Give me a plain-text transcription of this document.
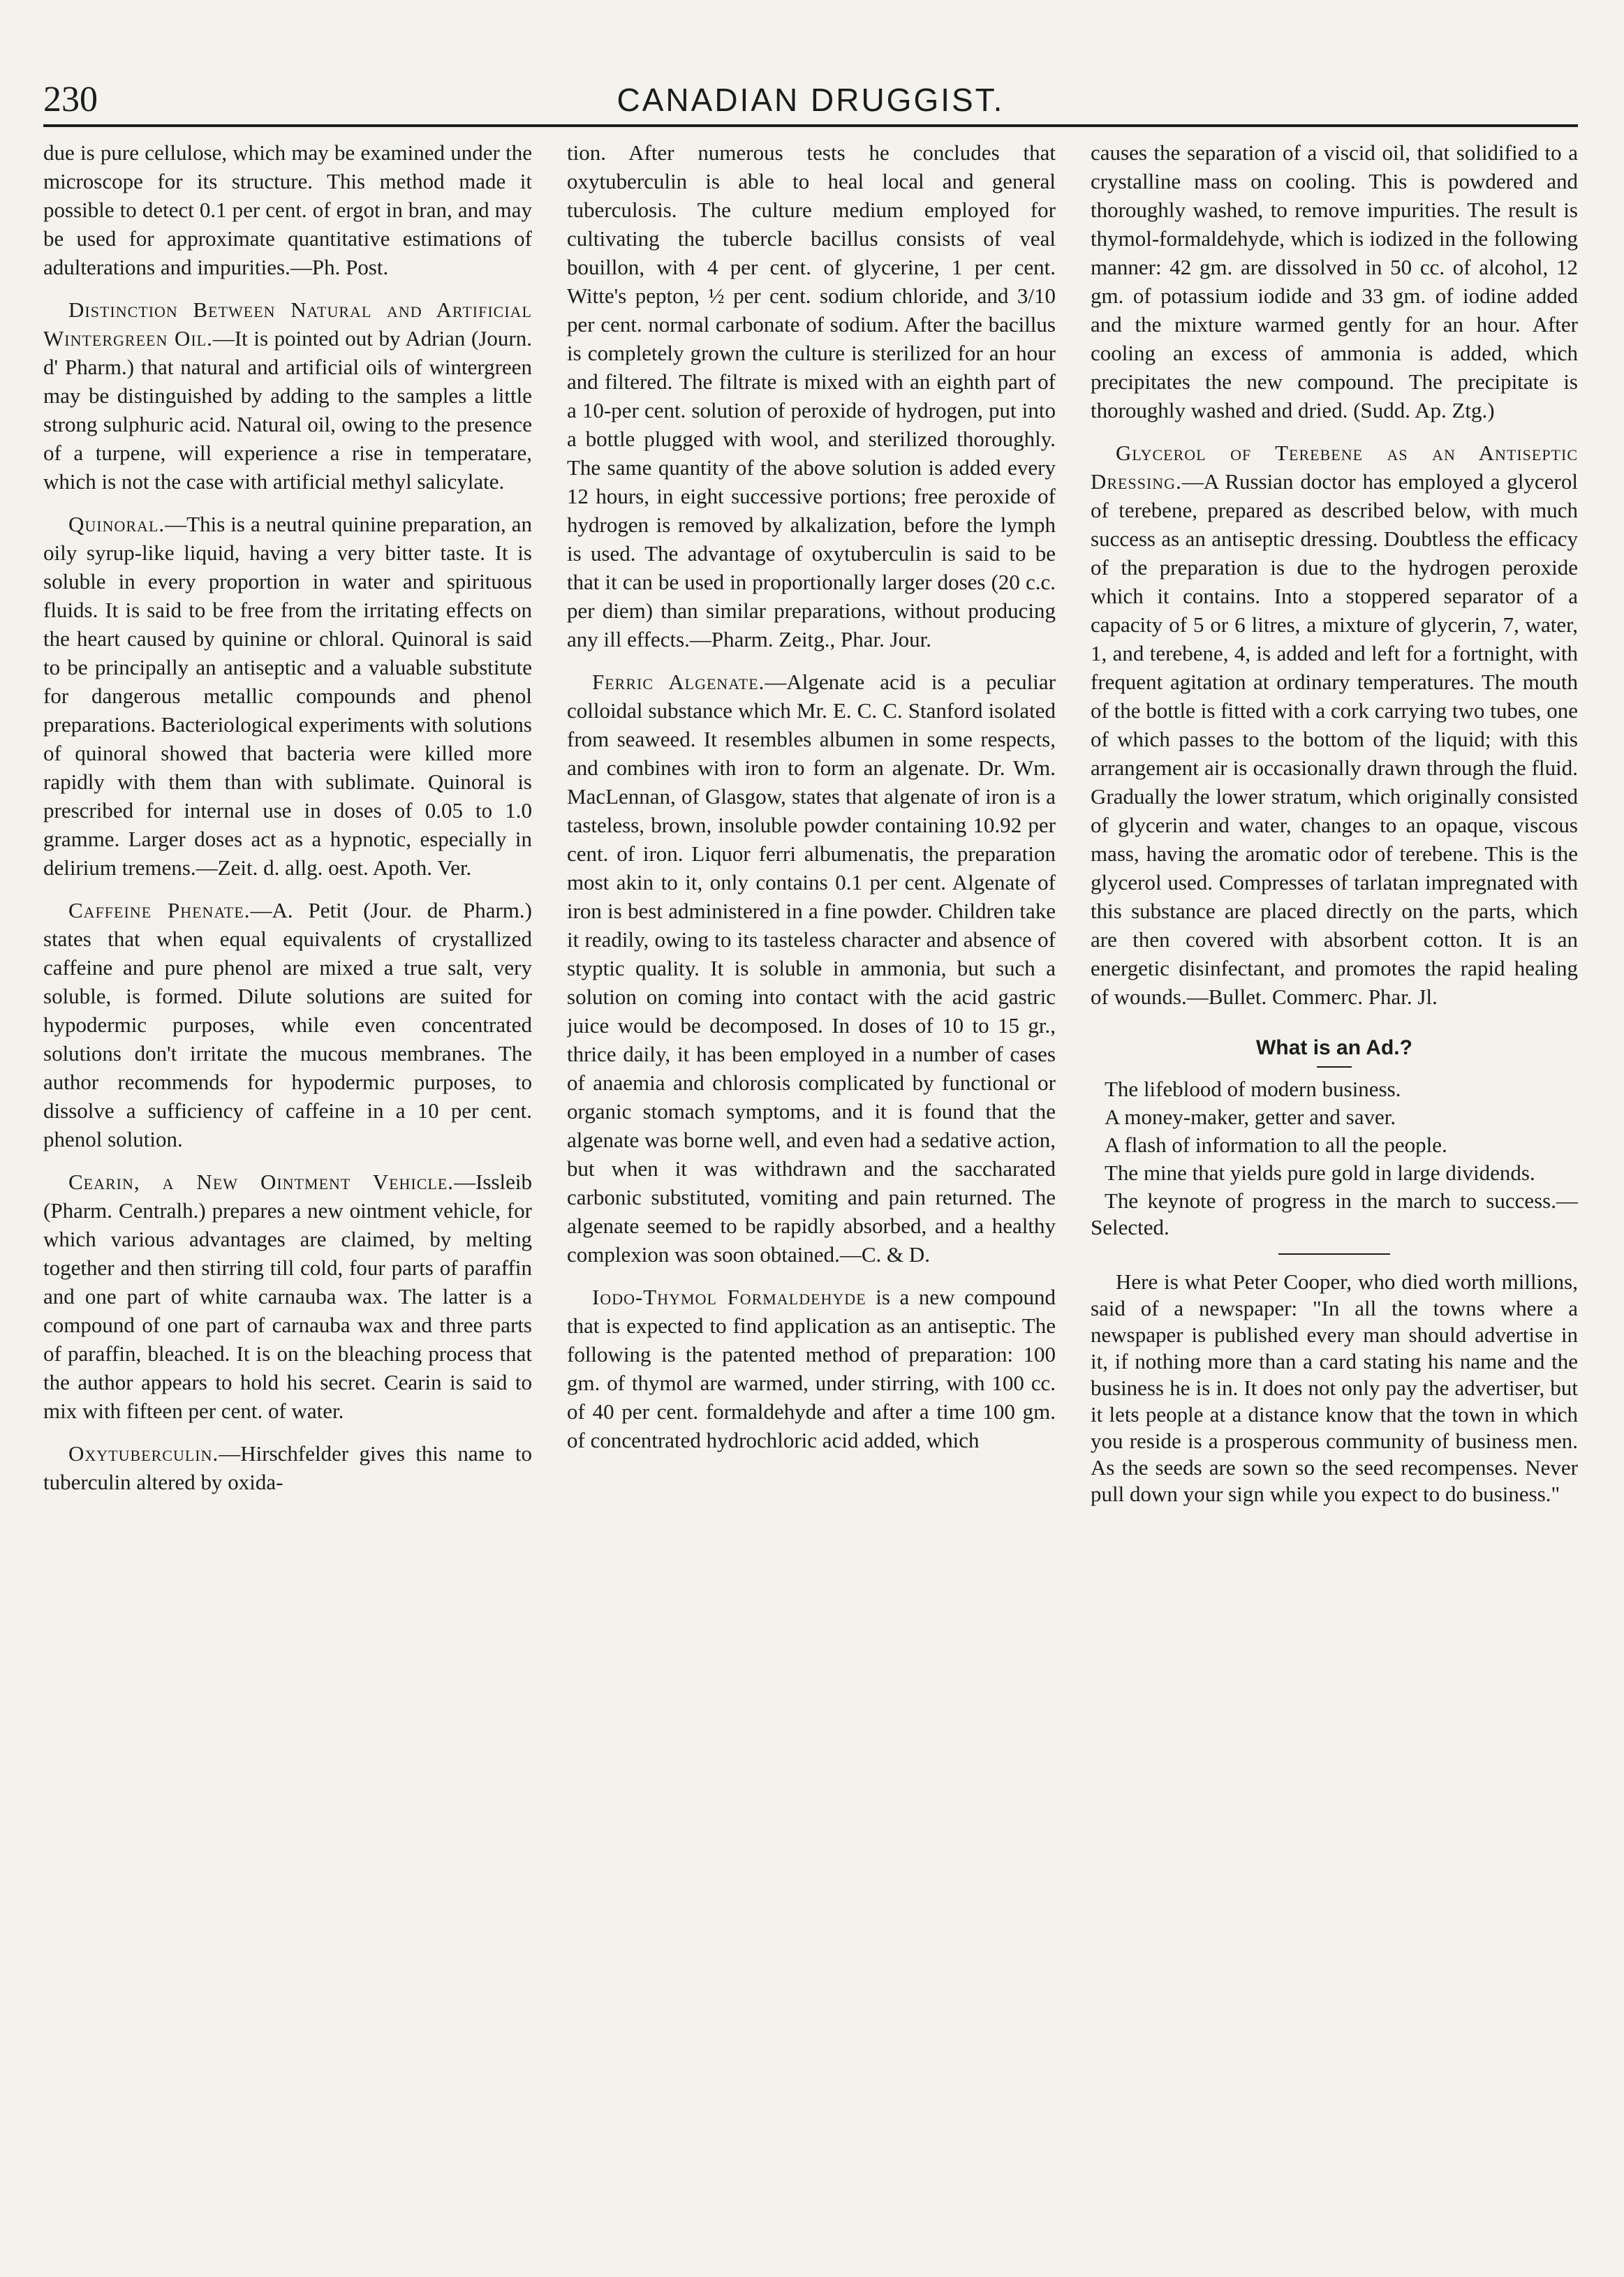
230	CANADIAN DRUGGIST.

due is pure cellulose, which may be examined under the microscope for its structure. This method made it possible to detect 0.1 per cent. of ergot in bran, and may be used for approximate quantitative estimations of adulterations and impurities.—Ph. Post.

Distinction Between Natural and Artificial Wintergreen Oil.—It is pointed out by Adrian (Journ. d' Pharm.) that natural and artificial oils of wintergreen may be distinguished by adding to the samples a little strong sulphuric acid. Natural oil, owing to the presence of a turpene, will experience a rise in temperatare, which is not the case with artificial methyl salicylate.

Quinoral.—This is a neutral quinine preparation, an oily syrup-like liquid, having a very bitter taste. It is soluble in every proportion in water and spirituous fluids. It is said to be free from the irritating effects on the heart caused by quinine or chloral. Quinoral is said to be principally an antiseptic and a valuable substitute for dangerous metallic compounds and phenol preparations. Bacteriological experiments with solutions of quinoral showed that bacteria were killed more rapidly with them than with sublimate. Quinoral is prescribed for internal use in doses of 0.05 to 1.0 gramme. Larger doses act as a hypnotic, especially in delirium tremens.—Zeit. d. allg. oest. Apoth. Ver.

Caffeine Phenate.—A. Petit (Jour. de Pharm.) states that when equal equivalents of crystallized caffeine and pure phenol are mixed a true salt, very soluble, is formed. Dilute solutions are suited for hypodermic purposes, while even concentrated solutions don't irritate the mucous membranes. The author recommends for hypodermic purposes, to dissolve a sufficiency of caffeine in a 10 per cent. phenol solution.

Cearin, a New Ointment Vehicle.—Issleib (Pharm. Centralh.) prepares a new ointment vehicle, for which various advantages are claimed, by melting together and then stirring till cold, four parts of paraffin and one part of white carnauba wax. The latter is a compound of one part of carnauba wax and three parts of paraffin, bleached. It is on the bleaching process that the author appears to hold his secret. Cearin is said to mix with fifteen per cent. of water.

Oxytuberculin.—Hirschfelder gives this name to tuberculin altered by oxida-

tion. After numerous tests he concludes that oxytuberculin is able to heal local and general tuberculosis. The culture medium employed for cultivating the tubercle bacillus consists of veal bouillon, with 4 per cent. of glycerine, 1 per cent. Witte's pepton, ½ per cent. sodium chloride, and 3/10 per cent. normal carbonate of sodium. After the bacillus is completely grown the culture is sterilized for an hour and filtered. The filtrate is mixed with an eighth part of a 10-per cent. solution of peroxide of hydrogen, put into a bottle plugged with wool, and sterilized thoroughly. The same quantity of the above solution is added every 12 hours, in eight successive portions; free peroxide of hydrogen is removed by alkalization, before the lymph is used. The advantage of oxytuberculin is said to be that it can be used in proportionally larger doses (20 c.c. per diem) than similar preparations, without producing any ill effects.—Pharm. Zeitg., Phar. Jour.

Ferric Algenate.—Algenate acid is a peculiar colloidal substance which Mr. E. C. C. Stanford isolated from seaweed. It resembles albumen in some respects, and combines with iron to form an algenate. Dr. Wm. MacLennan, of Glasgow, states that algenate of iron is a tasteless, brown, insoluble powder containing 10.92 per cent. of iron. Liquor ferri albumenatis, the preparation most akin to it, only contains 0.1 per cent. Algenate of iron is best administered in a fine powder. Children take it readily, owing to its tasteless character and absence of styptic quality. It is soluble in ammonia, but such a solution on coming into contact with the acid gastric juice would be decomposed. In doses of 10 to 15 gr., thrice daily, it has been employed in a number of cases of anaemia and chlorosis complicated by functional or organic stomach symptoms, and it is found that the algenate was borne well, and even had a sedative action, but when it was withdrawn and the saccharated carbonic substituted, vomiting and pain returned. The algenate seemed to be rapidly absorbed, and a healthy complexion was soon obtained.—C. & D.

Iodo-Thymol Formaldehyde is a new compound that is expected to find application as an antiseptic. The following is the patented method of preparation: 100 gm. of thymol are warmed, under stirring, with 100 cc. of 40 per cent. formaldehyde and after a time 100 gm. of concentrated hydrochloric acid added, which

causes the separation of a viscid oil, that solidified to a crystalline mass on cooling. This is powdered and thoroughly washed, to remove impurities. The result is thymol-formaldehyde, which is iodized in the following manner: 42 gm. are dissolved in 50 cc. of alcohol, 12 gm. of potassium iodide and 33 gm. of iodine added and the mixture warmed gently for an hour. After cooling an excess of ammonia is added, which precipitates the new compound. The precipitate is thoroughly washed and dried. (Sudd. Ap. Ztg.)

Glycerol of Terebene as an Antiseptic Dressing.—A Russian doctor has employed a glycerol of terebene, prepared as described below, with much success as an antiseptic dressing. Doubtless the efficacy of the preparation is due to the hydrogen peroxide which it contains. Into a stoppered separator of a capacity of 5 or 6 litres, a mixture of glycerin, 7, water, 1, and terebene, 4, is added and left for a fortnight, with frequent agitation at ordinary temperatures. The mouth of the bottle is fitted with a cork carrying two tubes, one of which passes to the bottom of the liquid; with this arrangement air is occasionally drawn through the fluid. Gradually the lower stratum, which originally consisted of glycerin and water, changes to an opaque, viscous mass, having the aromatic odor of terebene. This is the glycerol used. Compresses of tarlatan impregnated with this substance are placed directly on the parts, which are then covered with absorbent cotton. It is an energetic disinfectant, and promotes the rapid healing of wounds.—Bullet. Commerc. Phar. Jl.

What is an Ad.?
The lifeblood of modern business.
A money-maker, getter and saver.
A flash of information to all the people.
The mine that yields pure gold in large dividends.
The keynote of progress in the march to success.—Selected.

Here is what Peter Cooper, who died worth millions, said of a newspaper: "In all the towns where a newspaper is published every man should advertise in it, if nothing more than a card stating his name and the business he is in. It does not only pay the advertiser, but it lets people at a distance know that the town in which you reside is a prosperous community of business men. As the seeds are sown so the seed recompenses. Never pull down your sign while you expect to do business."
